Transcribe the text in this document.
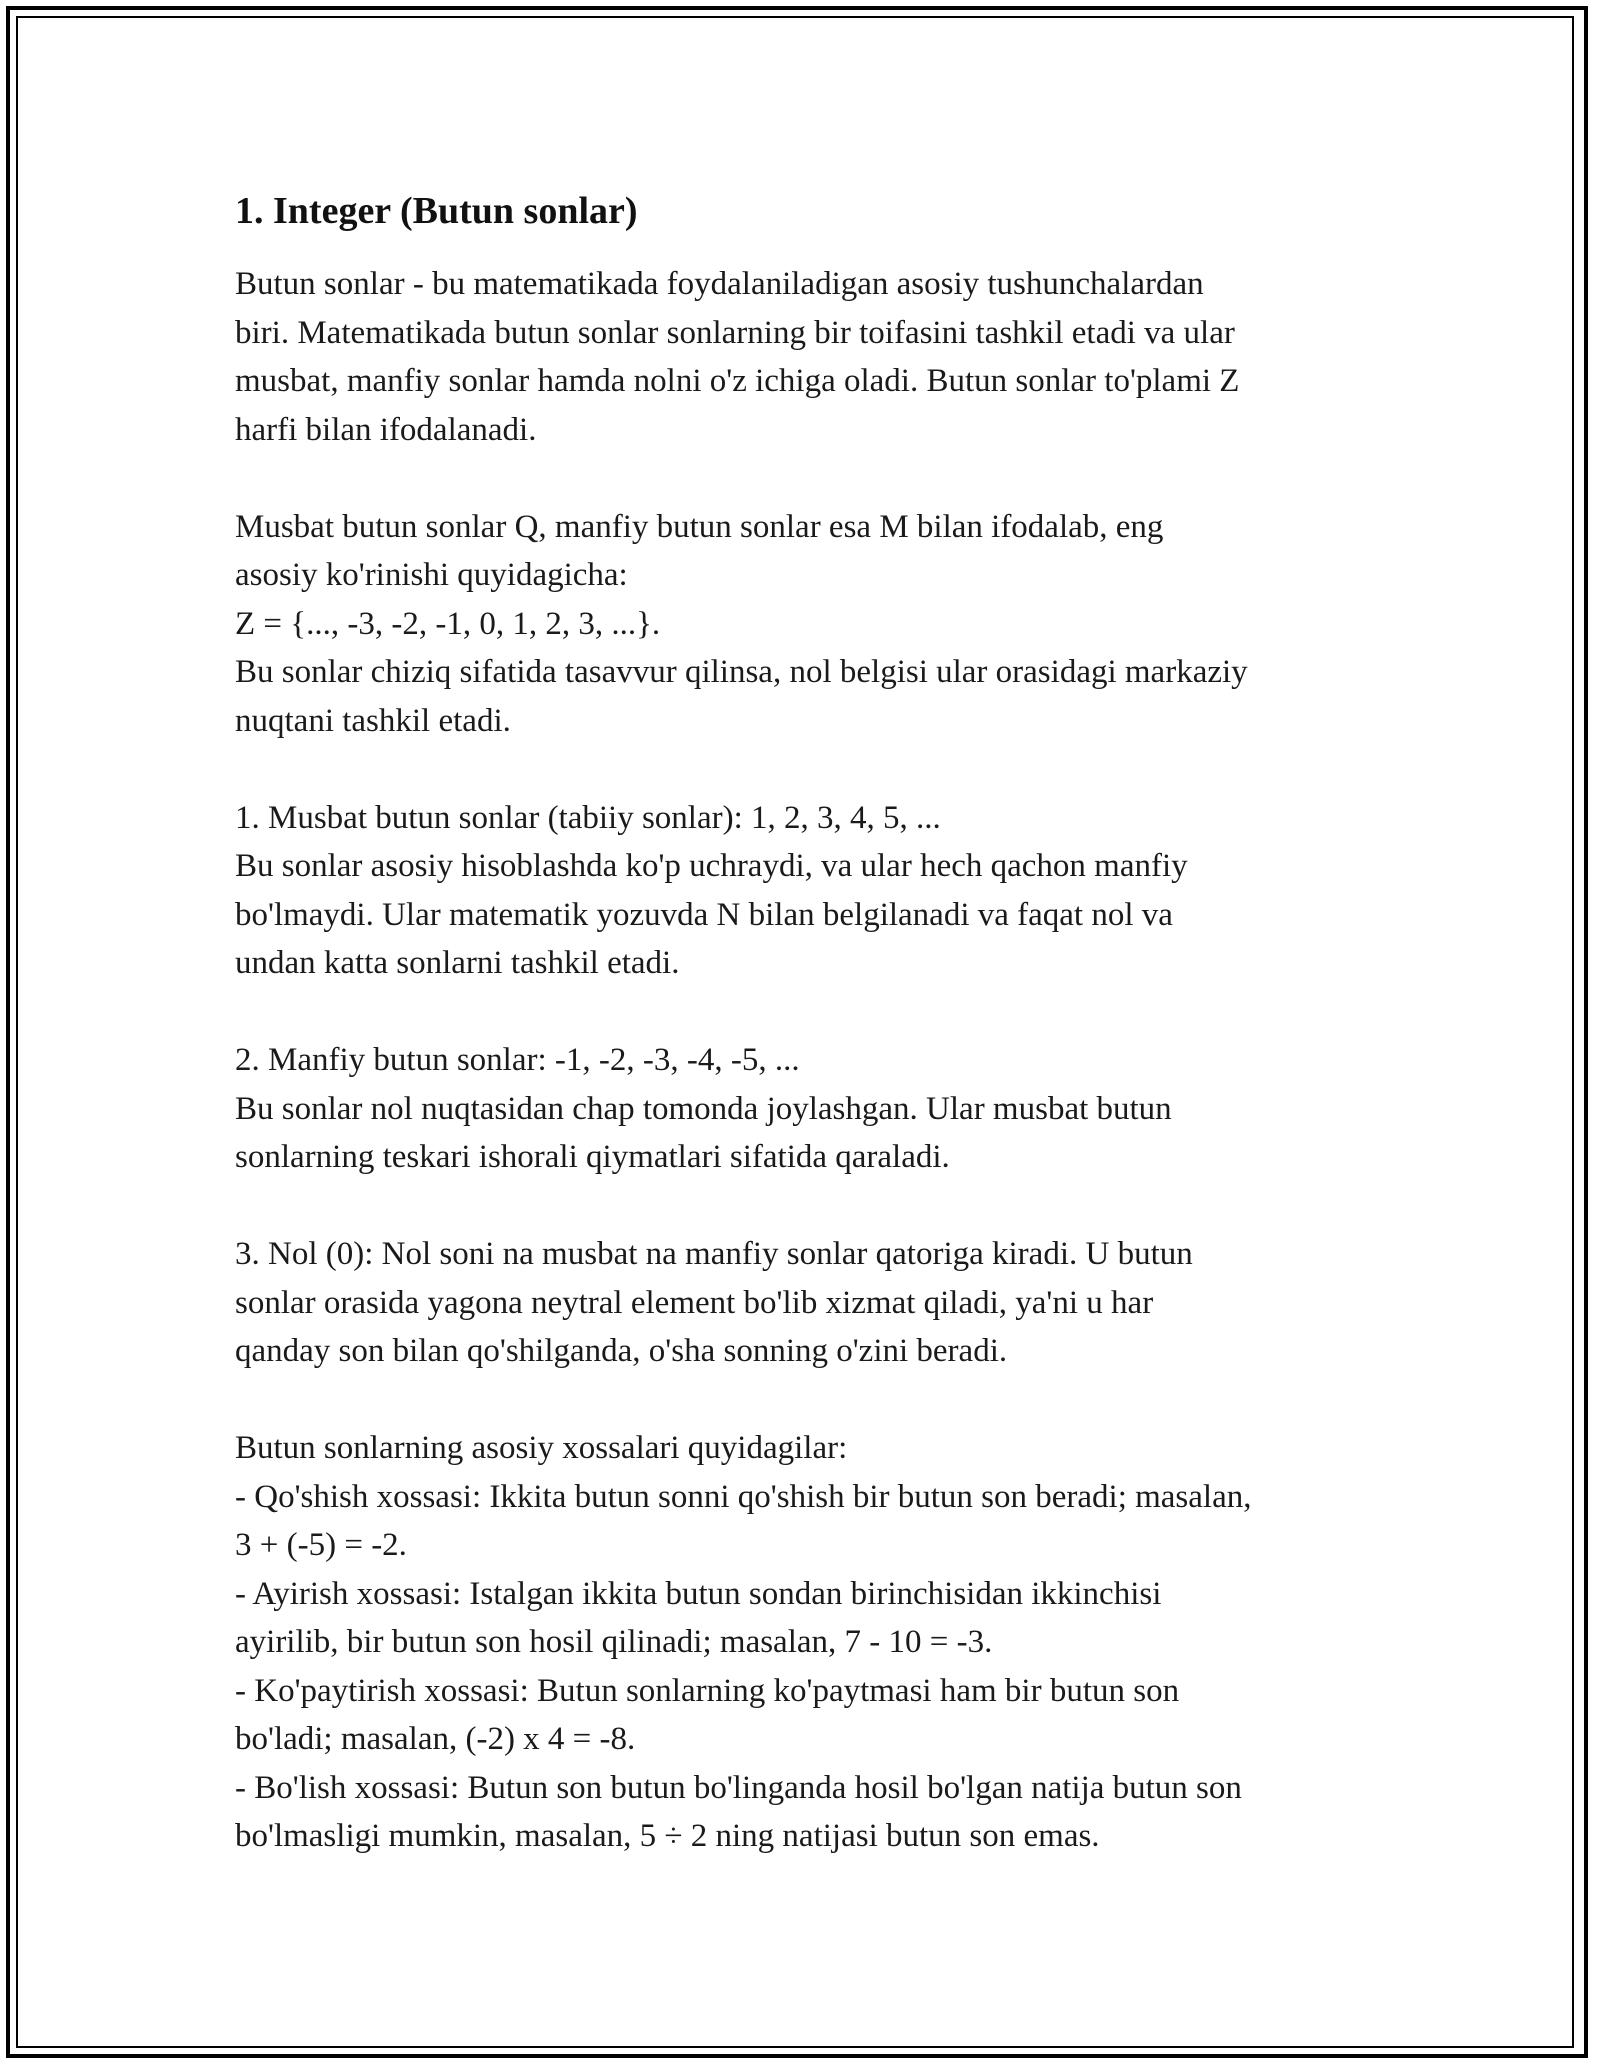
1. Integer (Butun sonlar)
Butun sonlar - bu matematikada foydalaniladigan asosiy tushunchalardan
biri. Matematikada butun sonlar sonlarning bir toifasini tashkil etadi va ular
musbat, manfiy sonlar hamda nolni o'z ichiga oladi. Butun sonlar to'plami Z
harfi bilan ifodalanadi.
Musbat butun sonlar Q, manfiy butun sonlar esa M bilan ifodalab, eng
asosiy ko'rinishi quyidagicha:
Z = {..., -3, -2, -1, 0, 1, 2, 3, ...}.
Bu sonlar chiziq sifatida tasavvur qilinsa, nol belgisi ular orasidagi markaziy
nuqtani tashkil etadi.
1. Musbat butun sonlar (tabiiy sonlar): 1, 2, 3, 4, 5, ...
Bu sonlar asosiy hisoblashda ko'p uchraydi, va ular hech qachon manfiy
bo'lmaydi. Ular matematik yozuvda N bilan belgilanadi va faqat nol va
undan katta sonlarni tashkil etadi.
2. Manfiy butun sonlar: -1, -2, -3, -4, -5, ...
Bu sonlar nol nuqtasidan chap tomonda joylashgan. Ular musbat butun
sonlarning teskari ishorali qiymatlari sifatida qaraladi.
3. Nol (0): Nol soni na musbat na manfiy sonlar qatoriga kiradi. U butun
sonlar orasida yagona neytral element bo'lib xizmat qiladi, ya'ni u har
qanday son bilan qo'shilganda, o'sha sonning o'zini beradi.
Butun sonlarning asosiy xossalari quyidagilar:
- Qo'shish xossasi: Ikkita butun sonni qo'shish bir butun son beradi; masalan,
3 + (-5) = -2.
- Ayirish xossasi: Istalgan ikkita butun sondan birinchisidan ikkinchisi
ayirilib, bir butun son hosil qilinadi; masalan, 7 - 10 = -3.
- Ko'paytirish xossasi: Butun sonlarning ko'paytmasi ham bir butun son
bo'ladi; masalan, (-2) x 4 = -8.
- Bo'lish xossasi: Butun son butun bo'linganda hosil bo'lgan natija butun son
bo'lmasligi mumkin, masalan, 5 ÷ 2 ning natijasi butun son emas.
